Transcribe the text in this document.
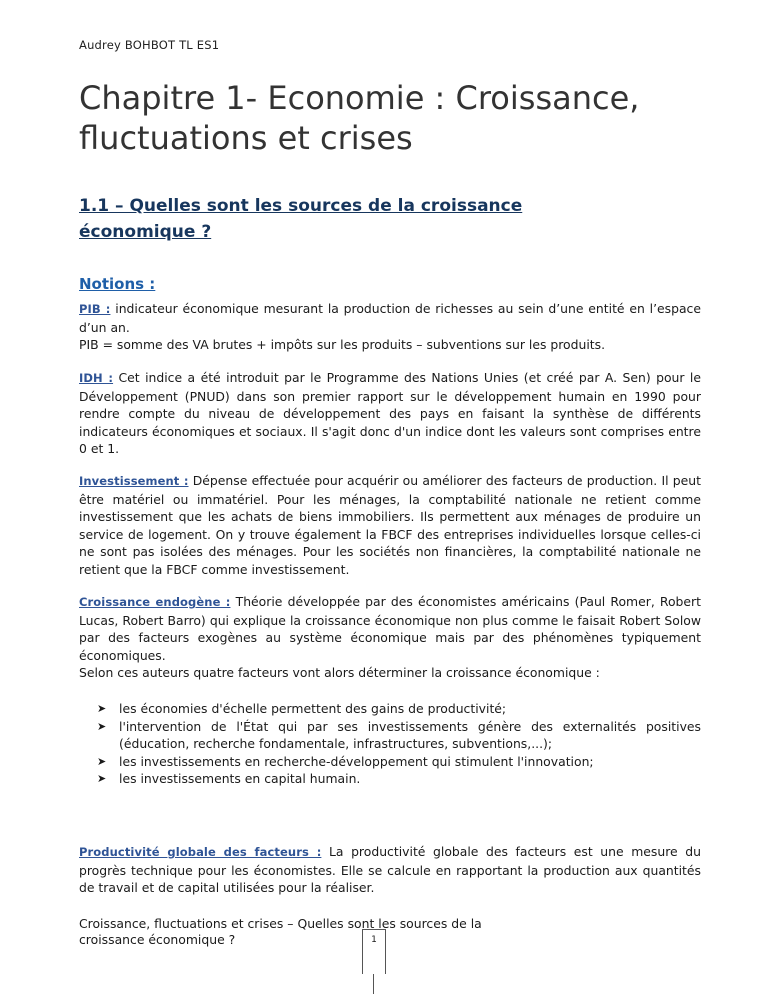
Audrey BOHBOT TL ES1
Chapitre 1- Economie : Croissance, fluctuations et crises
1.1 – Quelles sont les sources de la croissance économique ?
Notions :
PIB : indicateur économique mesurant la production de richesses au sein d’une entité en l’espace d’un an.
PIB = somme des VA brutes + impôts sur les produits – subventions sur les produits.
IDH : Cet indice a été introduit par le Programme des Nations Unies (et créé par A. Sen) pour le Développement (PNUD) dans son premier rapport sur le développement humain en 1990 pour rendre compte du niveau de développement des pays en faisant la synthèse de différents indicateurs économiques et sociaux. Il s'agit donc d'un indice dont les valeurs sont comprises entre 0 et 1.
Investissement : Dépense effectuée pour acquérir ou améliorer des facteurs de production. Il peut être matériel ou immatériel. Pour les ménages, la comptabilité nationale ne retient comme investissement que les achats de biens immobiliers. Ils permettent aux ménages de produire un service de logement. On y trouve également la FBCF des entreprises individuelles lorsque celles-ci ne sont pas isolées des ménages. Pour les sociétés non financières, la comptabilité nationale ne retient que la FBCF comme investissement.
Croissance endogène : Théorie développée par des économistes américains (Paul Romer, Robert Lucas, Robert Barro) qui explique la croissance économique non plus comme le faisait Robert Solow par des facteurs exogènes au système économique mais par des phénomènes typiquement économiques.
Selon ces auteurs quatre facteurs vont alors déterminer la croissance économique :
➤ les économies d'échelle permettent des gains de productivité;
➤ l'intervention de l'État qui par ses investissements génère des externalités positives (éducation, recherche fondamentale, infrastructures, subventions,...);
➤ les investissements en recherche-développement qui stimulent l'innovation;
➤ les investissements en capital humain.
Productivité globale des facteurs : La productivité globale des facteurs est une mesure du progrès technique pour les économistes. Elle se calcule en rapportant la production aux quantités de travail et de capital utilisées pour la réaliser.
Croissance, fluctuations et crises – Quelles sont les sources de la croissance économique ?	1
